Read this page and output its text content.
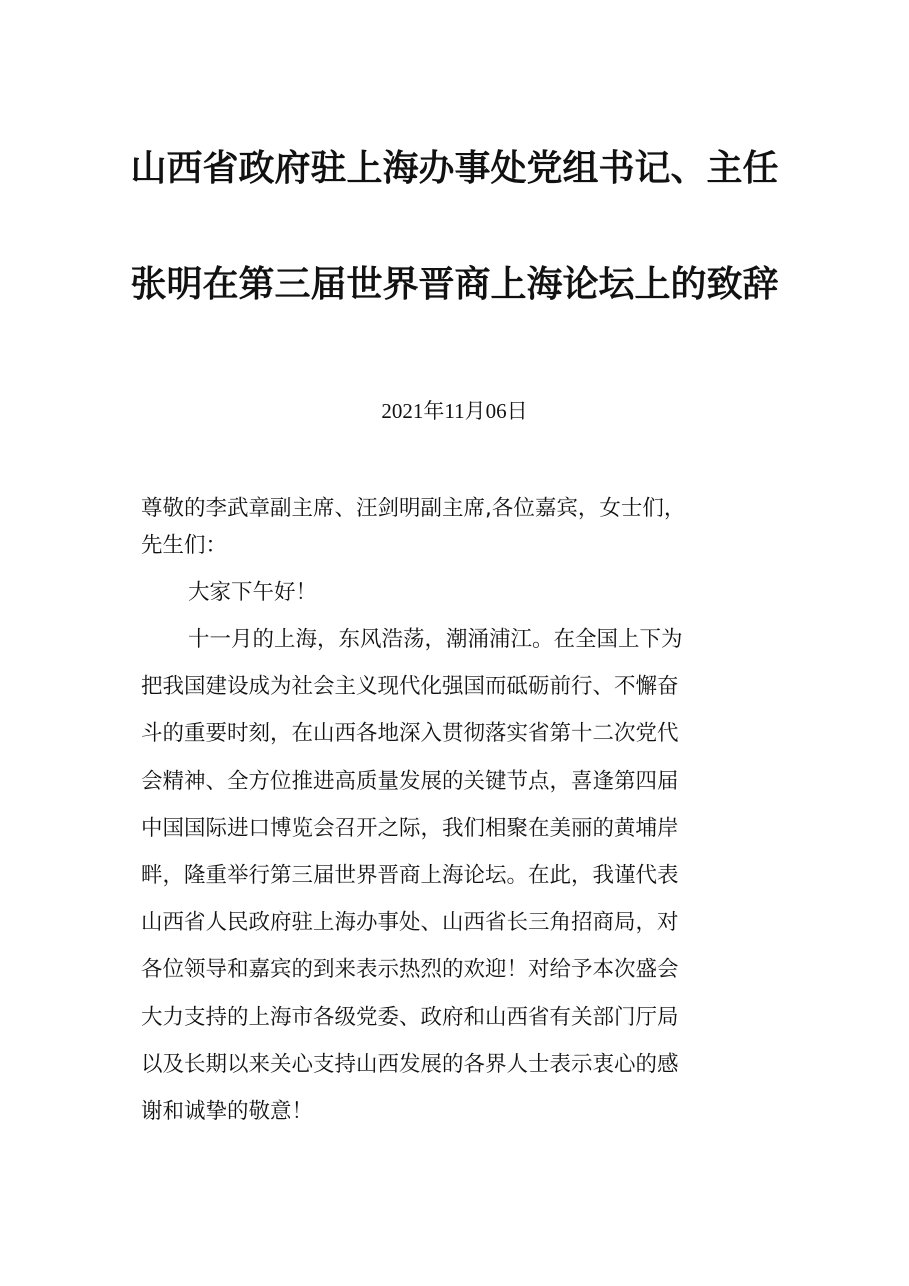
山西省政府驻上海办事处党组书记、主任
张明在第三届世界晋商上海论坛上的致辞
2021年11月06日
尊敬的李武章副主席、汪剑明副主席,各位嘉宾，女士们，
先生们：
大家下午好！
十一月的上海，东风浩荡，潮涌浦江。在全国上下为
把我国建设成为社会主义现代化强国而砥砺前行、不懈奋
斗的重要时刻，在山西各地深入贯彻落实省第十二次党代
会精神、全方位推进高质量发展的关键节点，喜逢第四届
中国国际进口博览会召开之际，我们相聚在美丽的黄埔岸
畔，隆重举行第三届世界晋商上海论坛。在此，我谨代表
山西省人民政府驻上海办事处、山西省长三角招商局，对
各位领导和嘉宾的到来表示热烈的欢迎！对给予本次盛会
大力支持的上海市各级党委、政府和山西省有关部门厅局
以及长期以来关心支持山西发展的各界人士表示衷心的感
谢和诚挚的敬意！
